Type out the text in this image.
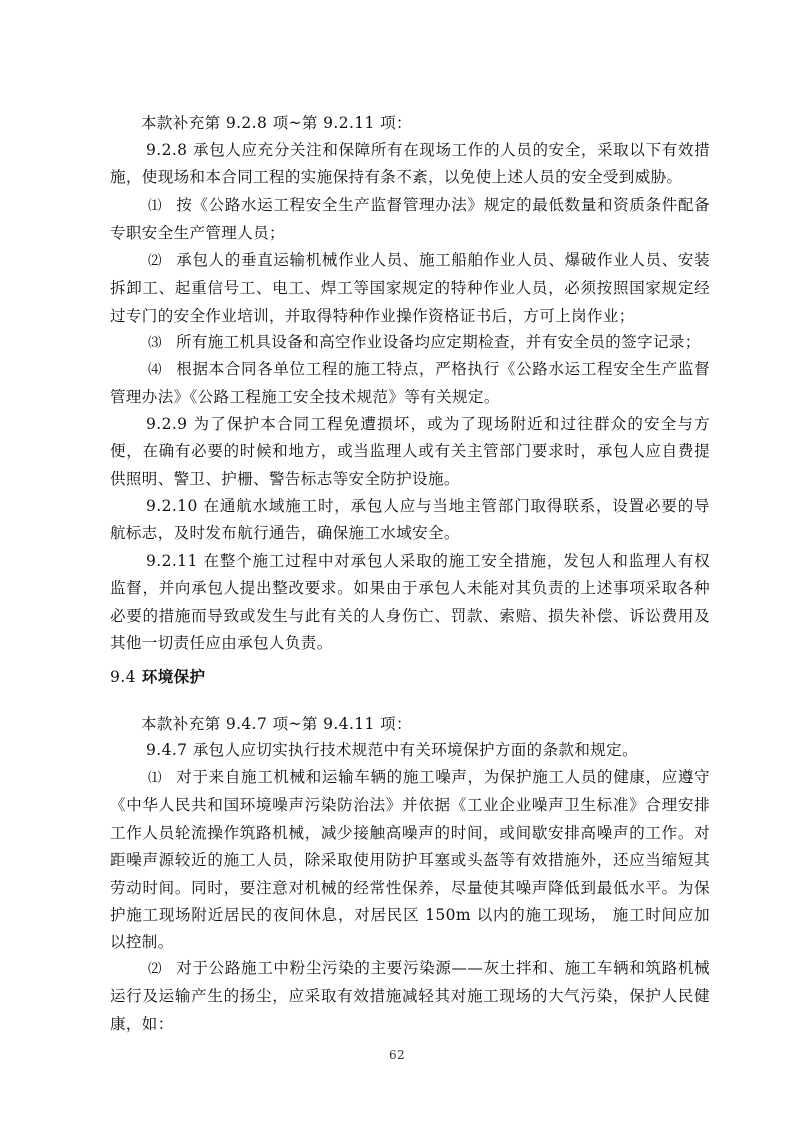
本款补充第 9.2.8 项~第 9.2.11 项：

9.2.8 承包人应充分关注和保障所有在现场工作的人员的安全，采取以下有效措施，使现场和本合同工程的实施保持有条不紊，以免使上述人员的安全受到威胁。

⑴ 按《公路水运工程安全生产监督管理办法》规定的最低数量和资质条件配备专职安全生产管理人员；

⑵ 承包人的垂直运输机械作业人员、施工船舶作业人员、爆破作业人员、安装拆卸工、起重信号工、电工、焊工等国家规定的特种作业人员，必须按照国家规定经过专门的安全作业培训，并取得特种作业操作资格证书后，方可上岗作业；

⑶ 所有施工机具设备和高空作业设备均应定期检查，并有安全员的签字记录；

⑷ 根据本合同各单位工程的施工特点，严格执行《公路水运工程安全生产监督管理办法》《公路工程施工安全技术规范》等有关规定。

9.2.9 为了保护本合同工程免遭损坏，或为了现场附近和过往群众的安全与方便，在确有必要的时候和地方，或当监理人或有关主管部门要求时，承包人应自费提供照明、警卫、护栅、警告标志等安全防护设施。

9.2.10 在通航水域施工时，承包人应与当地主管部门取得联系，设置必要的导航标志，及时发布航行通告，确保施工水域安全。

9.2.11 在整个施工过程中对承包人采取的施工安全措施，发包人和监理人有权监督，并向承包人提出整改要求。如果由于承包人未能对其负责的上述事项采取各种必要的措施而导致或发生与此有关的人身伤亡、罚款、索赔、损失补偿、诉讼费用及其他一切责任应由承包人负责。

9.4 环境保护

本款补充第 9.4.7 项~第 9.4.11 项：

9.4.7 承包人应切实执行技术规范中有关环境保护方面的条款和规定。

⑴ 对于来自施工机械和运输车辆的施工噪声，为保护施工人员的健康，应遵守《中华人民共和国环境噪声污染防治法》并依据《工业企业噪声卫生标准》合理安排工作人员轮流操作筑路机械，减少接触高噪声的时间，或间歇安排高噪声的工作。对距噪声源较近的施工人员，除采取使用防护耳塞或头盔等有效措施外，还应当缩短其劳动时间。同时，要注意对机械的经常性保养，尽量使其噪声降低到最低水平。为保护施工现场附近居民的夜间休息，对居民区 150m 以内的施工现场， 施工时间应加以控制。

⑵ 对于公路施工中粉尘污染的主要污染源——灰土拌和、施工车辆和筑路机械运行及运输产生的扬尘，应采取有效措施减轻其对施工现场的大气污染，保护人民健康，如：

62
